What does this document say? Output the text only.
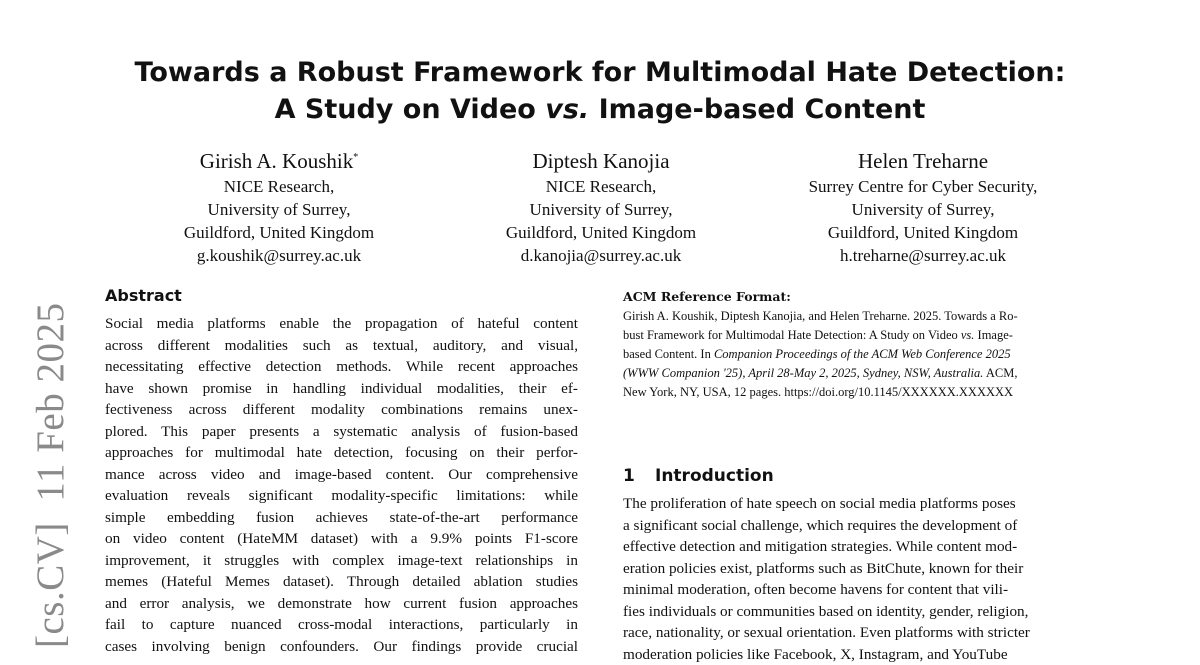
[cs.CV]  11 Feb 2025
Towards a Robust Framework for Multimodal Hate Detection:
A Study on Video vs. Image-based Content
Girish A. Koushik*
NICE Research,
University of Surrey,
Guildford, United Kingdom
g.koushik@surrey.ac.uk
Diptesh Kanojia
NICE Research,
University of Surrey,
Guildford, United Kingdom
d.kanojia@surrey.ac.uk
Helen Treharne
Surrey Centre for Cyber Security,
University of Surrey,
Guildford, United Kingdom
h.treharne@surrey.ac.uk
Abstract
Social media platforms enable the propagation of hateful content
across different modalities such as textual, auditory, and visual,
necessitating effective detection methods. While recent approaches
have shown promise in handling individual modalities, their ef-
fectiveness across different modality combinations remains unex-
plored. This paper presents a systematic analysis of fusion-based
approaches for multimodal hate detection, focusing on their perfor-
mance across video and image-based content. Our comprehensive
evaluation reveals significant modality-specific limitations: while
simple embedding fusion achieves state-of-the-art performance
on video content (HateMM dataset) with a 9.9% points F1-score
improvement, it struggles with complex image-text relationships in
memes (Hateful Memes dataset). Through detailed ablation studies
and error analysis, we demonstrate how current fusion approaches
fail to capture nuanced cross-modal interactions, particularly in
cases involving benign confounders. Our findings provide crucial
ACM Reference Format:
Girish A. Koushik, Diptesh Kanojia, and Helen Treharne. 2025. Towards a Ro-
bust Framework for Multimodal Hate Detection: A Study on Video vs. Image-
based Content. In Companion Proceedings of the ACM Web Conference 2025
(WWW Companion '25), April 28-May 2, 2025, Sydney, NSW, Australia. ACM,
New York, NY, USA, 12 pages. https://doi.org/10.1145/XXXXXX.XXXXXX
1 Introduction
The proliferation of hate speech on social media platforms poses
a significant social challenge, which requires the development of
effective detection and mitigation strategies. While content mod-
eration policies exist, platforms such as BitChute, known for their
minimal moderation, often become havens for content that vili-
fies individuals or communities based on identity, gender, religion,
race, nationality, or sexual orientation. Even platforms with stricter
moderation policies like Facebook, X, Instagram, and YouTube
